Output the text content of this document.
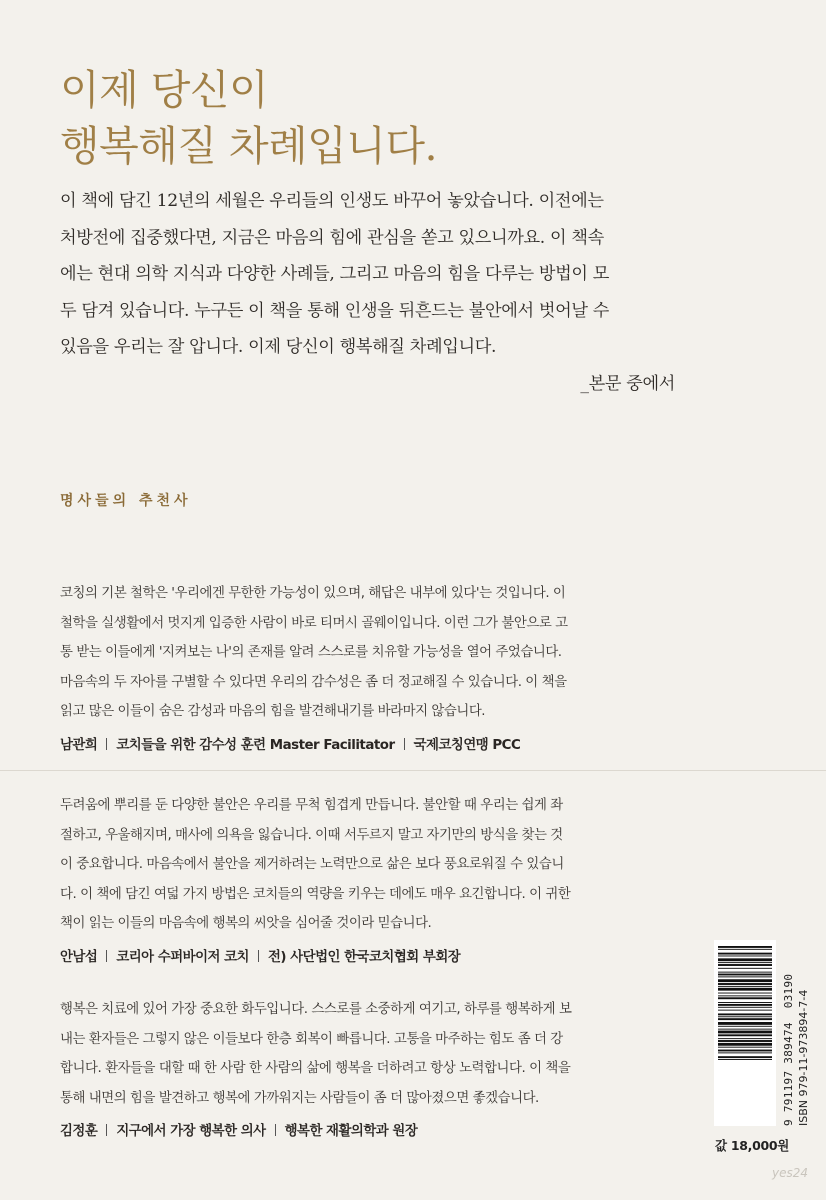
이제 당신이
행복해질 차례입니다.
이 책에 담긴 12년의 세월은 우리들의 인생도 바꾸어 놓았습니다. 이전에는
처방전에 집중했다면, 지금은 마음의 힘에 관심을 쏟고 있으니까요. 이 책속
에는 현대 의학 지식과 다양한 사례들, 그리고 마음의 힘을 다루는 방법이 모
두 담겨 있습니다. 누구든 이 책을 통해 인생을 뒤흔드는 불안에서 벗어날 수
있음을 우리는 잘 압니다. 이제 당신이 행복해질 차례입니다.
_본문 중에서
명사들의 추천사
코칭의 기본 철학은 '우리에겐 무한한 가능성이 있으며, 해답은 내부에 있다'는 것입니다. 이
철학을 실생활에서 멋지게 입증한 사람이 바로 티머시 골웨이입니다. 이런 그가 불안으로 고
통 받는 이들에게 '지켜보는 나'의 존재를 알려 스스로를 치유할 가능성을 열어 주었습니다.
마음속의 두 자아를 구별할 수 있다면 우리의 감수성은 좀 더 정교해질 수 있습니다. 이 책을
읽고 많은 이들이 숨은 감성과 마음의 힘을 발견해내기를 바라마지 않습니다.
남관희 코치들을 위한 감수성 훈련 Master Facilitator 국제코칭연맹 PCC
두려움에 뿌리를 둔 다양한 불안은 우리를 무척 힘겹게 만듭니다. 불안할 때 우리는 쉽게 좌
절하고, 우울해지며, 매사에 의욕을 잃습니다. 이때 서두르지 말고 자기만의 방식을 찾는 것
이 중요합니다. 마음속에서 불안을 제거하려는 노력만으로 삶은 보다 풍요로워질 수 있습니
다. 이 책에 담긴 여덟 가지 방법은 코치들의 역량을 키우는 데에도 매우 요긴합니다. 이 귀한
책이 읽는 이들의 마음속에 행복의 씨앗을 심어줄 것이라 믿습니다.
안남섭 코리아 수퍼바이저 코치 전) 사단법인 한국코치협회 부회장
행복은 치료에 있어 가장 중요한 화두입니다. 스스로를 소중하게 여기고, 하루를 행복하게 보
내는 환자들은 그렇지 않은 이들보다 한층 회복이 빠릅니다. 고통을 마주하는 힘도 좀 더 강
합니다. 환자들을 대할 때 한 사람 한 사람의 삶에 행복을 더하려고 항상 노력합니다. 이 책을
통해 내면의 힘을 발견하고 행복에 가까워지는 사람들이 좀 더 많아졌으면 좋겠습니다.
김정훈 지구에서 가장 행복한 의사 행복한 재활의학과 원장
9 791197 389474  03190 ISBN 979-11-973894-7-4
값 18,000원
yes24
